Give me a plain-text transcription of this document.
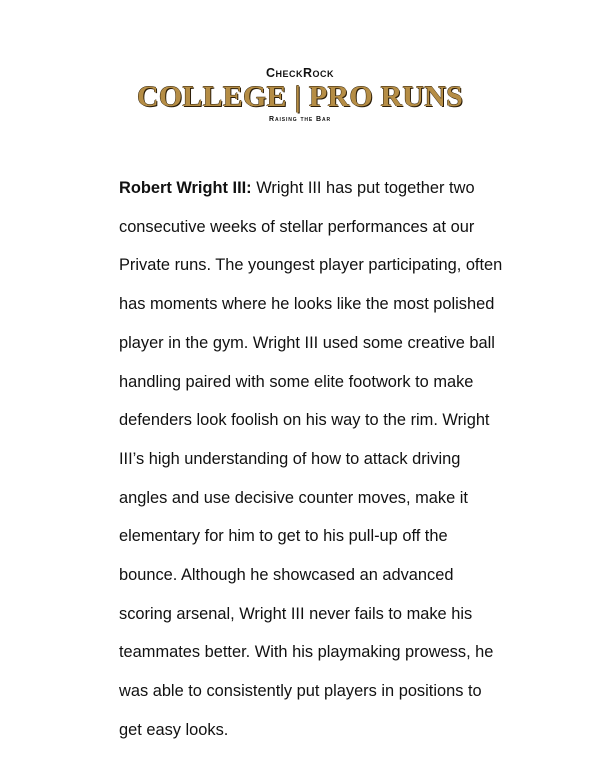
CheckRock
COLLEGE | PRO RUNS
Raising the Bar

Robert Wright III: Wright III has put together two consecutive weeks of stellar performances at our Private runs. The youngest player participating, often has moments where he looks like the most polished player in the gym. Wright III used some creative ball handling paired with some elite footwork to make defenders look foolish on his way to the rim. Wright III’s high understanding of how to attack driving angles and use decisive counter moves, make it elementary for him to get to his pull-up off the bounce. Although he showcased an advanced scoring arsenal, Wright III never fails to make his teammates better. With his playmaking prowess, he was able to consistently put players in positions to get easy looks.
